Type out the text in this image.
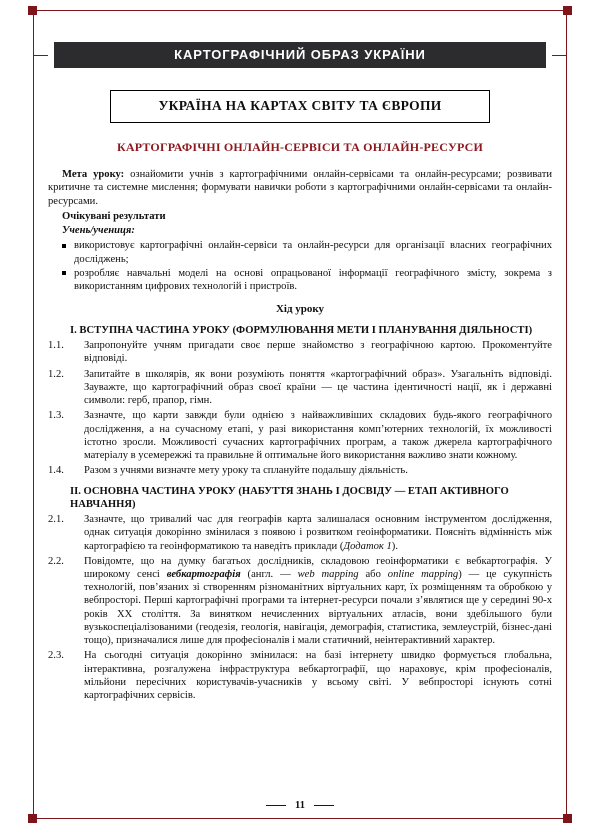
КАРТОГРАФІЧНИЙ ОБРАЗ УКРАЇНИ
УКРАЇНА НА КАРТАХ СВІТУ ТА ЄВРОПИ
КАРТОГРАФІЧНІ ОНЛАЙН-СЕРВІСИ ТА ОНЛАЙН-РЕСУРСИ

Мета уроку: ознайомити учнів з картографічними онлайн-сервісами та онлайн-ресурсами; розвивати критичне та системне мислення; формувати навички роботи з картографічними онлайн-сервісами та онлайн-ресурсами.

Очікувані результати

Учень/учениця:

використовує картографічні онлайн-сервіси та онлайн-ресурси для організації власних географічних досліджень;
розробляє навчальні моделі на основі опрацьованої інформації географічного змісту, зокрема з використанням цифрових технологій і пристроїв.
Хід уроку
І. ВСТУПНА ЧАСТИНА УРОКУ (ФОРМУЛЮВАННЯ МЕТИ І ПЛАНУВАННЯ ДІЯЛЬНОСТІ)
1.1.	Запропонуйте учням пригадати своє перше знайомство з географічною картою. Прокоментуйте відповіді.
1.2.	Запитайте в школярів, як вони розуміють поняття «картографічний образ». Узагальніть відповіді. Зауважте, що картографічний образ своєї країни — це частина ідентичності нації, як і державні символи: герб, прапор, гімн.
1.3.	Зазначте, що карти завжди були однією з найважливіших складових будь-якого географічного дослідження, а на сучасному етапі, у разі використання комп’ютерних технологій, їх можливості істотно зросли. Можливості сучасних картографічних програм, а також джерела картографічного матеріалу в усемережжі та правильне й оптимальне його використання важливо знати кожному.
1.4.	Разом з учнями визначте мету уроку та сплануйте подальшу діяльність.
ІІ. ОСНОВНА ЧАСТИНА УРОКУ (НАБУТТЯ ЗНАНЬ І ДОСВІДУ — ЕТАП АКТИВНОГО НАВЧАННЯ)
2.1.	Зазначте, що тривалий час для географів карта залишалася основним інструментом дослідження, однак ситуація докорінно змінилася з появою і розвитком геоінформатики. Поясніть відмінність між картографією та геоінформатикою та наведіть приклади (Додаток 1).
2.2.	Повідомте, що на думку багатьох дослідників, складовою геоінформатики є вебкартографія. У широкому сенсі вебкартографія (англ. — web mapping або online mapping) — це сукупність технологій, пов’язаних зі створенням різноманітних віртуальних карт, їх розміщенням та обробкою у вебпросторі. Перші картографічні програми та інтернет-ресурси почали з’являтися ще у середині 90-х років ХХ століття. За винятком нечисленних віртуальних атласів, вони здебільшого були вузькоспеціалізованими (геодезія, геологія, навігація, демографія, статистика, землеустрій, бізнес-дані тощо), призначалися лише для професіоналів і мали статичний, неінтерактивний характер.
2.3.	На сьогодні ситуація докорінно змінилася: на базі інтернету швидко формується глобальна, інтерактивна, розгалужена інфраструктура вебкартографії, що нараховує, крім професіоналів, мільйони пересічних користувачів-учасників у всьому світі. У вебпросторі існують сотні картографічних сервісів.
11
